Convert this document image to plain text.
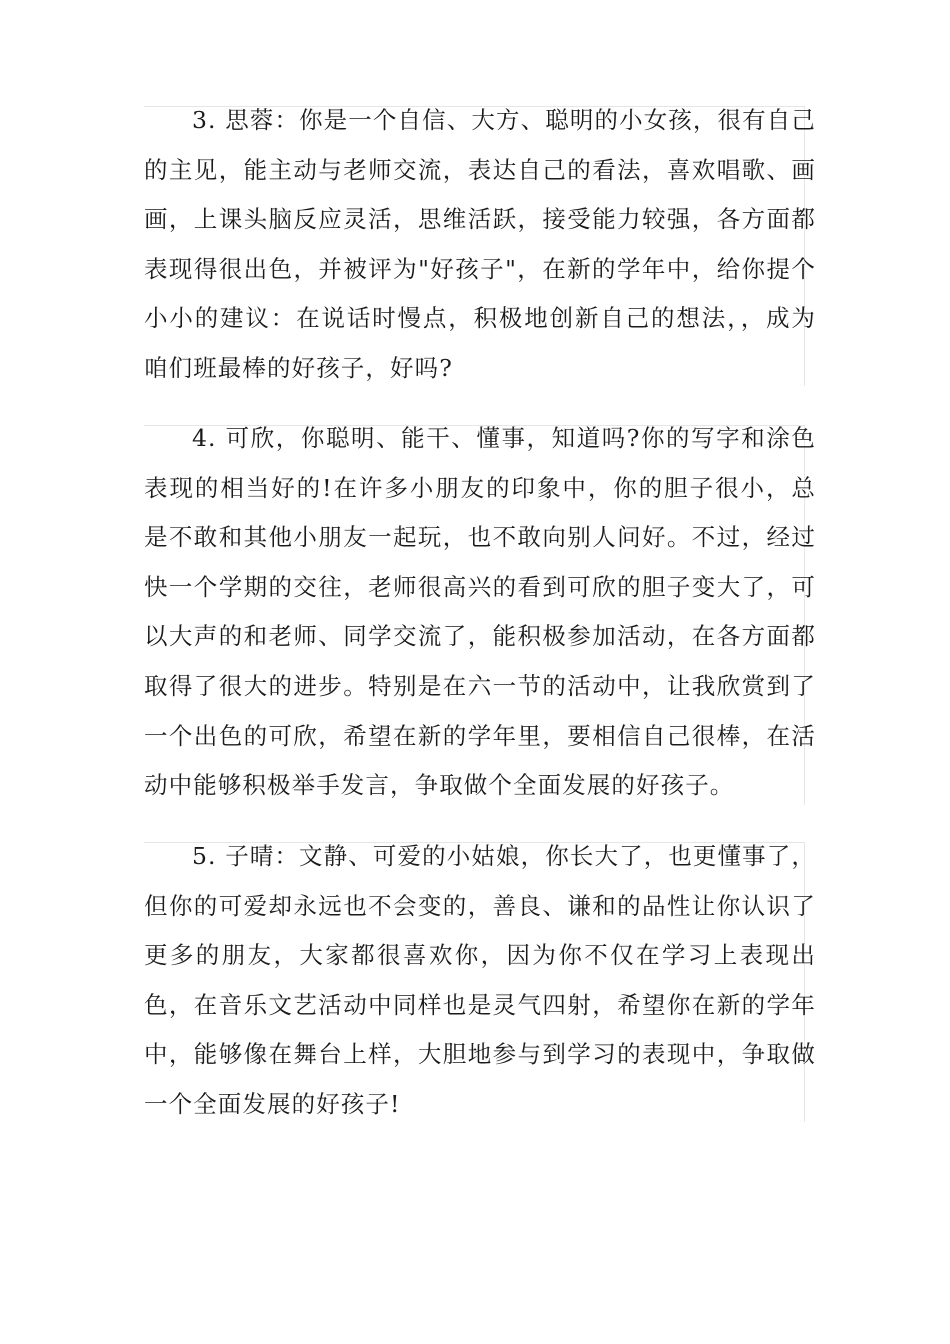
3. 思蓉：你是一个自信、大方、聪明的小女孩，很有自己的主见，能主动与老师交流，表达自己的看法，喜欢唱歌、画画，上课头脑反应灵活，思维活跃，接受能力较强，各方面都表现得很出色，并被评为"好孩子"，在新的学年中，给你提个小小的建议：在说话时慢点，积极地创新自己的想法，，成为咱们班最棒的好孩子，好吗?

4. 可欣，你聪明、能干、懂事，知道吗?你的写字和涂色表现的相当好的!在许多小朋友的印象中，你的胆子很小，总是不敢和其他小朋友一起玩，也不敢向别人问好。不过，经过快一个学期的交往，老师很高兴的看到可欣的胆子变大了，可以大声的和老师、同学交流了，能积极参加活动，在各方面都取得了很大的进步。特别是在六一节的活动中，让我欣赏到了一个出色的可欣，希望在新的学年里，要相信自己很棒，在活动中能够积极举手发言，争取做个全面发展的好孩子。

5. 子晴：文静、可爱的小姑娘，你长大了，也更懂事了，但你的可爱却永远也不会变的，善良、谦和的品性让你认识了更多的朋友，大家都很喜欢你，因为你不仅在学习上表现出色，在音乐文艺活动中同样也是灵气四射，希望你在新的学年中，能够像在舞台上样，大胆地参与到学习的表现中，争取做一个全面发展的好孩子!
